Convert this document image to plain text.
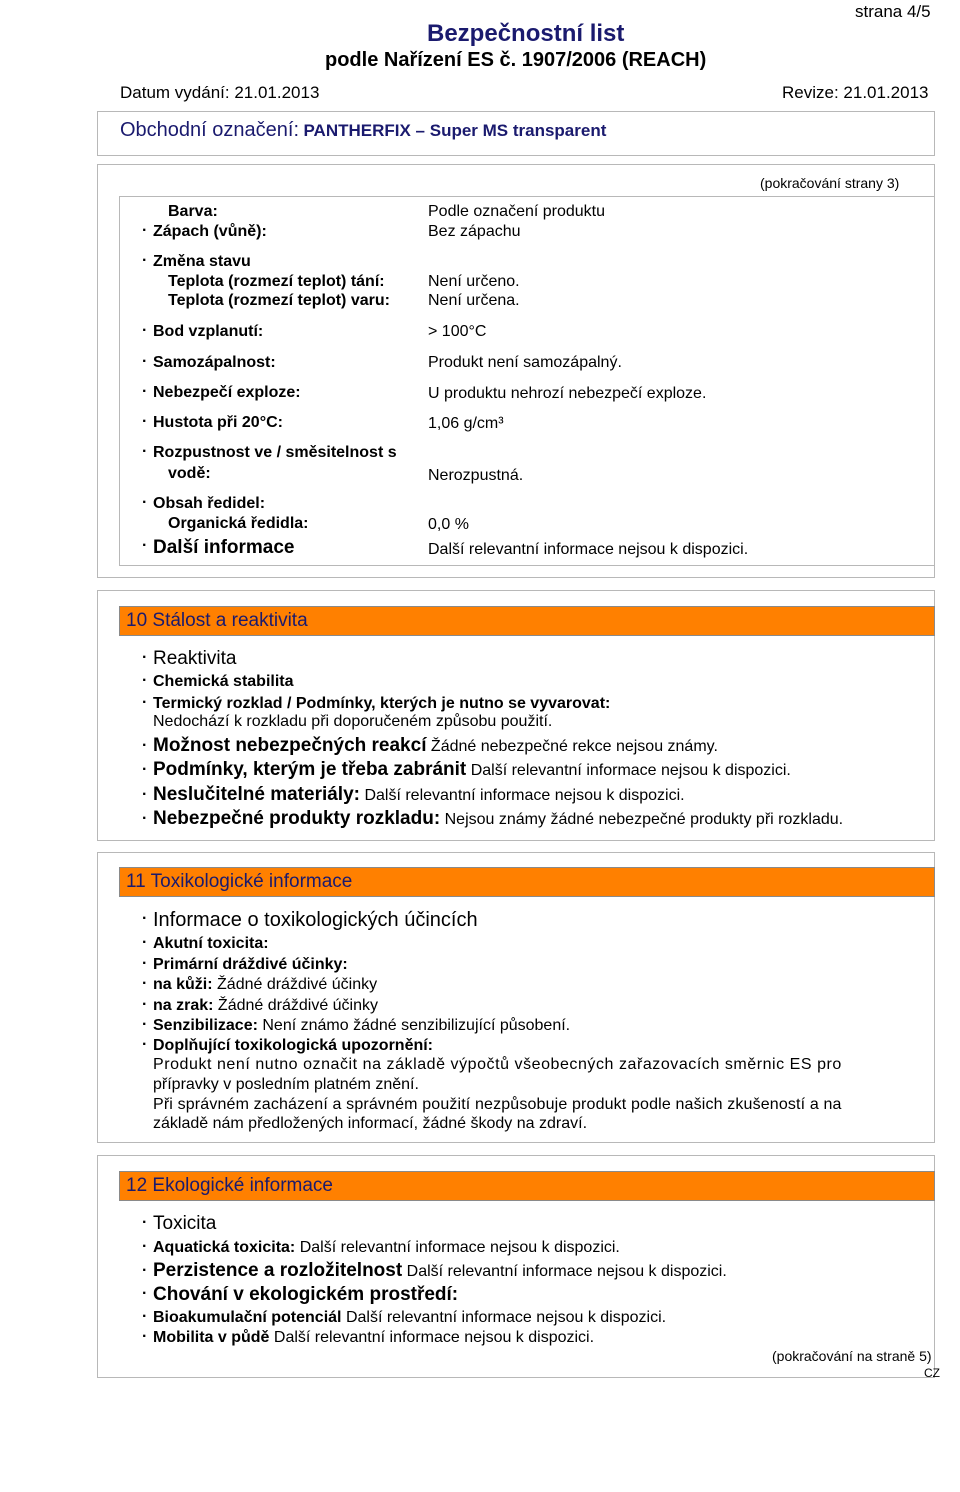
strana 4/5
Bezpečnostní list
podle Nařízení ES č. 1907/2006 (REACH)
Datum vydání: 21.01.2013	Revize: 21.01.2013
Obchodní označení: PANTHERFIX – Super MS transparent
(pokračování strany 3)
Barva:	Podle označení produktu
· Zápach (vůně):	Bez zápachu
· Změna stavu
Teplota (rozmezí teplot) tání:	Není určeno.
Teplota (rozmezí teplot) varu: Není určena.
· Bod vzplanutí:	> 100°C
· Samozápalnost:	Produkt není samozápalný.
· Nebezpečí exploze:	U produktu nehrozí nebezpečí exploze.
· Hustota při 20°C:	1,06 g/cm³
· Rozpustnost ve / směsitelnost s
vodě:	Nerozpustná.
· Obsah ředidel:
Organická ředidla:	0,0 %
· Další informace	Další relevantní informace nejsou k dispozici.
10 Stálost a reaktivita
· Reaktivita
· Chemická stabilita
· Termický rozklad / Podmínky, kterých je nutno se vyvarovat:
Nedochází k rozkladu při doporučeném způsobu použití.
· Možnost nebezpečných reakcí Žádné nebezpečné rekce nejsou známy.
· Podmínky, kterým je třeba zabránit Další relevantní informace nejsou k dispozici.
· Neslučitelné materiály: Další relevantní informace nejsou k dispozici.
· Nebezpečné produkty rozkladu: Nejsou známy žádné nebezpečné produkty při rozkladu.
11 Toxikologické informace
· Informace o toxikologických účincích
· Akutní toxicita:
· Primární dráždivé účinky:
· na kůži: Žádné dráždivé účinky
· na zrak: Žádné dráždivé účinky
· Senzibilizace: Není známo žádné senzibilizující působení.
· Doplňující toxikologická upozornění:
Produkt není nutno označit na základě výpočtů všeobecných zařazovacích směrnic ES pro
přípravky v posledním platném znění.
Při správném zacházení a správném použití nezpůsobuje produkt podle našich zkušeností a na
základě nám předložených informací, žádné škody na zdraví.
12 Ekologické informace
· Toxicita
· Aquatická toxicita: Další relevantní informace nejsou k dispozici.
· Perzistence a rozložitelnost Další relevantní informace nejsou k dispozici.
· Chování v ekologickém prostředí:
· Bioakumulační potenciál Další relevantní informace nejsou k dispozici.
· Mobilita v půdě Další relevantní informace nejsou k dispozici.
(pokračování na straně 5)
CZ
